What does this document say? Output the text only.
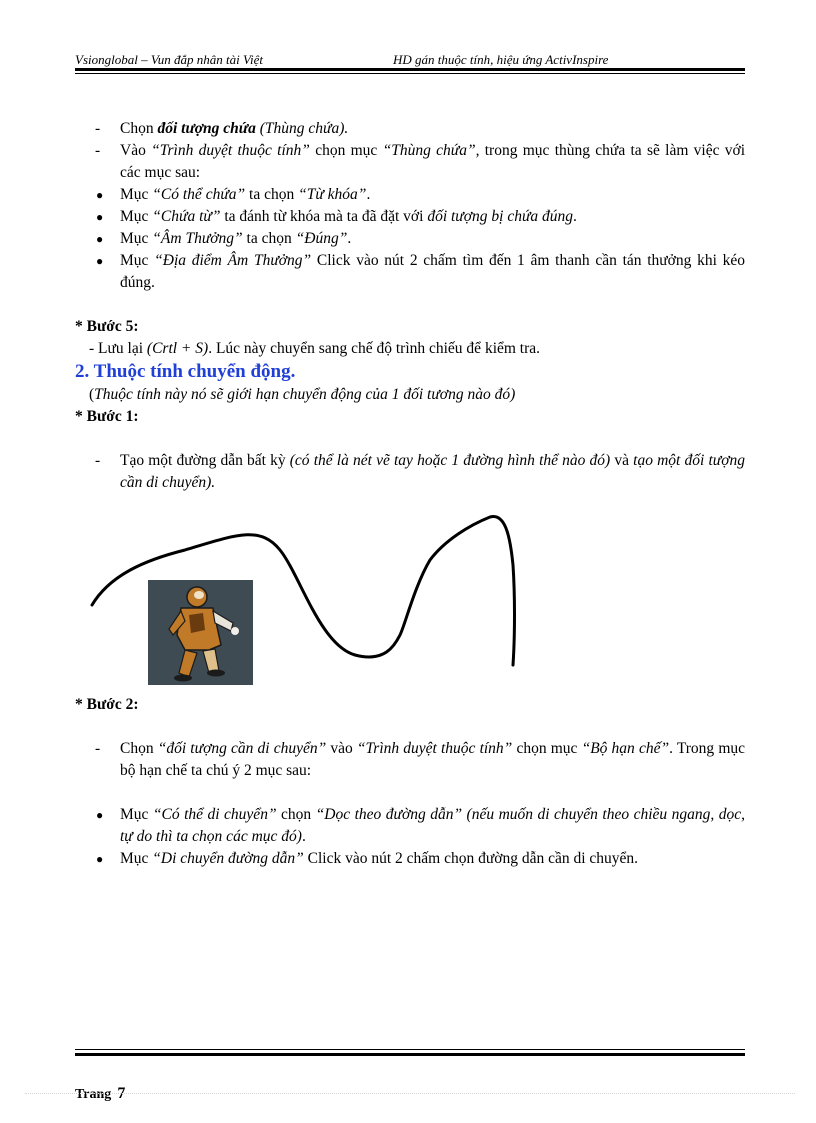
Vsionglobal – Vun đắp nhân tài Việt	HD gán thuộc tính, hiệu ứng ActivInspire
- Chọn đối tượng chứa (Thùng chứa).
- Vào “Trình duyệt thuộc tính” chọn mục “Thùng chứa”, trong mục thùng chứa ta sẽ làm việc với các mục sau:
● Mục “Có thể chứa” ta chọn “Từ khóa”.
● Mục “Chứa từ” ta đánh từ khóa mà ta đã đặt với đối tượng bị chứa đúng.
● Mục “Âm Thưởng” ta chọn “Đúng”.
● Mục “Địa điểm Âm Thưởng” Click vào nút 2 chấm tìm đến 1 âm thanh cần tán thưởng khi kéo đúng.
* Bước 5:
- Lưu lại (Crtl + S). Lúc này chuyển sang chế độ trình chiếu để kiểm tra.
2. Thuộc tính chuyển động.
(Thuộc tính này nó sẽ giới hạn chuyển động của 1 đối tương nào đó)
* Bước 1:
- Tạo một đường dẫn bất kỳ (có thể là nét vẽ tay hoặc 1 đường hình thể nào đó) và tạo một đối tượng cần di chuyển).
* Bước 2:
- Chọn “đối tượng cần di chuyển” vào “Trình duyệt thuộc tính” chọn mục “Bộ hạn chế”. Trong mục bộ hạn chế ta chú ý 2 mục sau:
● Mục “Có thể di chuyển” chọn “Dọc theo đường dẫn” (nếu muốn di chuyển theo chiều ngang, dọc, tự do thì ta chọn các mục đó).
● Mục “Di chuyển đường dẫn” Click vào nút 2 chấm chọn đường dẫn cần di chuyển.
Trang 7
